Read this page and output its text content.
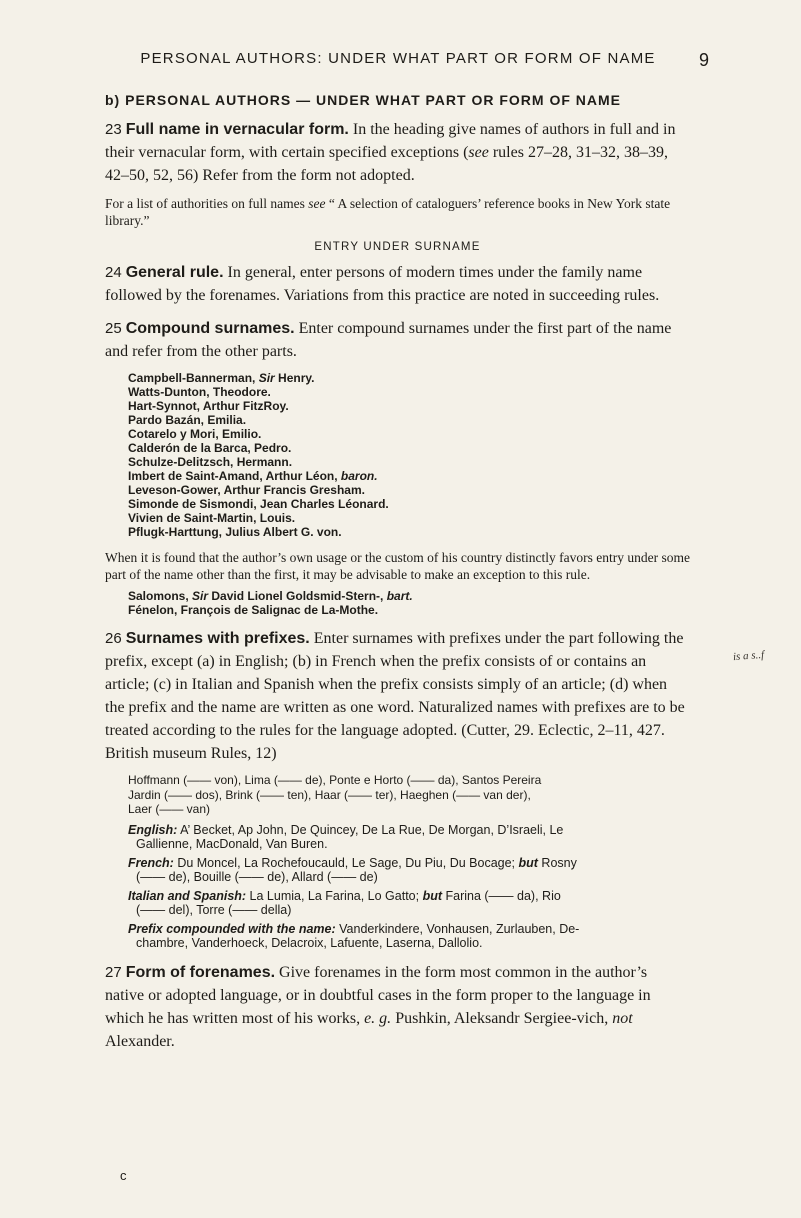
PERSONAL AUTHORS: UNDER WHAT PART OR FORM OF NAME	9
b) PERSONAL AUTHORS — UNDER WHAT PART OR FORM OF NAME

23 Full name in vernacular form. In the heading give names of authors in full and in their vernacular form, with certain specified exceptions (see rules 27–28, 31–32, 38–39, 42–50, 52, 56) Refer from the form not adopted.

For a list of authorities on full names see “ A selection of cataloguers’ reference books in New York state library.”

ENTRY UNDER SURNAME

24 General rule. In general, enter persons of modern times under the family name followed by the forenames. Variations from this practice are noted in succeeding rules.

25 Compound surnames. Enter compound surnames under the first part of the name and refer from the other parts.

Campbell-Bannerman, Sir Henry.
Watts-Dunton, Theodore.
Hart-Synnot, Arthur FitzRoy.
Pardo Bazán, Emilia.
Cotarelo y Mori, Emilio.
Calderón de la Barca, Pedro.
Schulze-Delitzsch, Hermann.
Imbert de Saint-Amand, Arthur Léon, baron.
Leveson-Gower, Arthur Francis Gresham.
Simonde de Sismondi, Jean Charles Léonard.
Vivien de Saint-Martin, Louis.
Pflugk-Harttung, Julius Albert G. von.

When it is found that the author’s own usage or the custom of his country distinctly favors entry under some part of the name other than the first, it may be advisable to make an exception to this rule.

Salomons, Sir David Lionel Goldsmid-Stern-, bart.
Fénelon, François de Salignac de La-Mothe.

26 Surnames with prefixes. Enter surnames with prefixes under the part following the prefix, except (a) in English; (b) in French when the prefix consists of or contains an article; (c) in Italian and Spanish when the prefix consists simply of an article; (d) when the prefix and the name are written as one word. Naturalized names with prefixes are to be treated according to the rules for the language adopted. (Cutter, 29. Eclectic, 2–11, 427. British museum Rules, 12)

Hoffmann (—— von), Lima (—— de), Ponte e Horto (—— da), Santos Pereira
Jardin (—— dos), Brink (—— ten), Haar (—— ter), Haeghen (—— van der),
Laer (—— van)
English: A’ Becket, Ap John, De Quincey, De La Rue, De Morgan, D’Israeli, Le
Gallienne, MacDonald, Van Buren.
French: Du Moncel, La Rochefoucauld, Le Sage, Du Piu, Du Bocage; but Rosny
(—— de), Bouille (—— de), Allard (—— de)
Italian and Spanish: La Lumia, La Farina, Lo Gatto; but Farina (—— da), Rio
(—— del), Torre (—— della)
Prefix compounded with the name: Vanderkindere, Vonhausen, Zurlauben, De-
chambre, Vanderhoeck, Delacroix, Lafuente, Laserna, Dallolio.

27 Form of forenames. Give forenames in the form most common in the author’s native or adopted language, or in doubtful cases in the form proper to the language in which he has written most of his works, e. g. Pushkin, Aleksandr Sergiee-vich, not Alexander.

is a s..f
c
